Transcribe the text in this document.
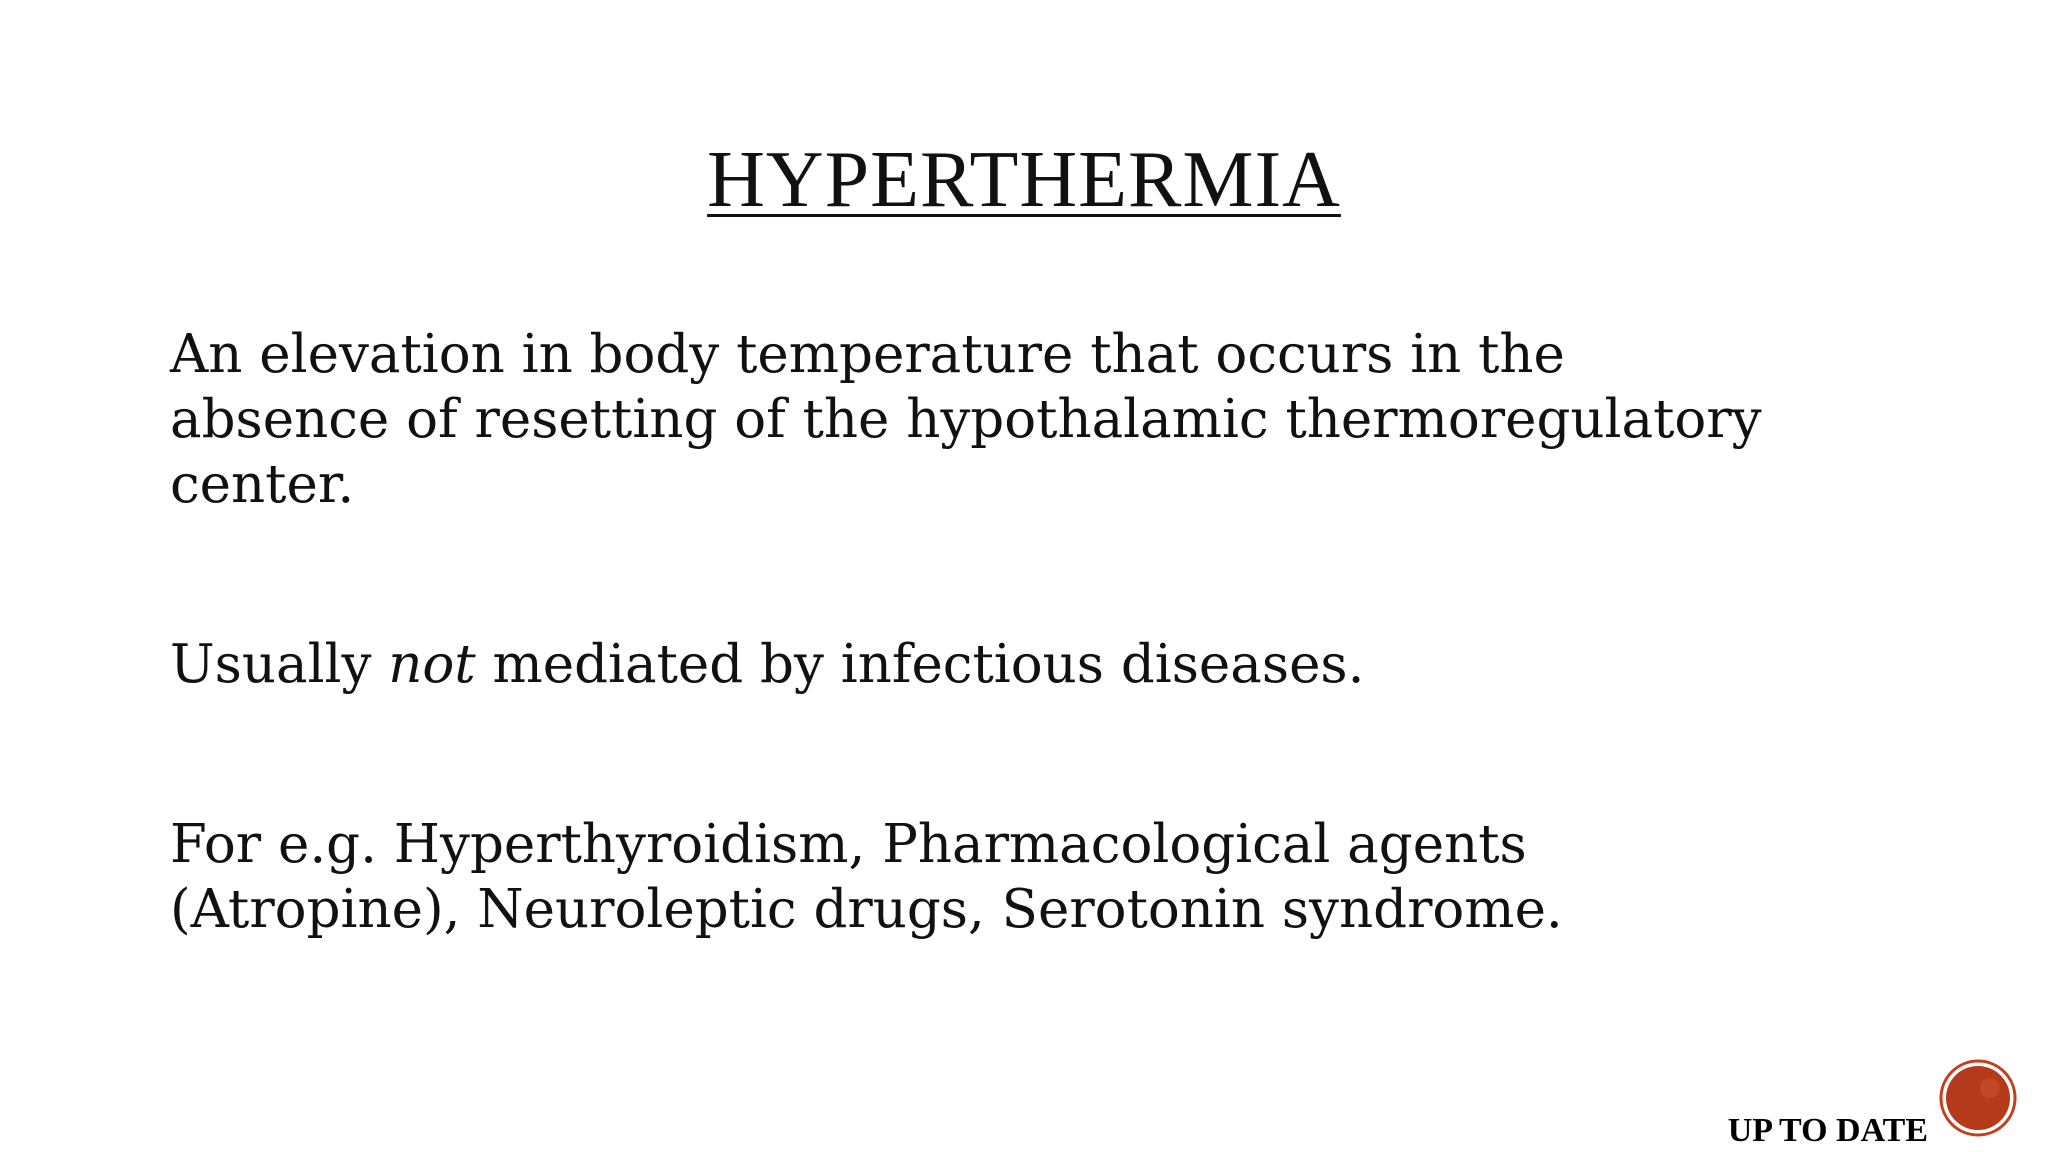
HYPERTHERMIA

An elevation in body temperature that occurs in the
absence of resetting of the hypothalamic thermoregulatory
center.

Usually not mediated by infectious diseases.

For e.g. Hyperthyroidism, Pharmacological agents
(Atropine), Neuroleptic drugs, Serotonin syndrome.

UP TO DATE
